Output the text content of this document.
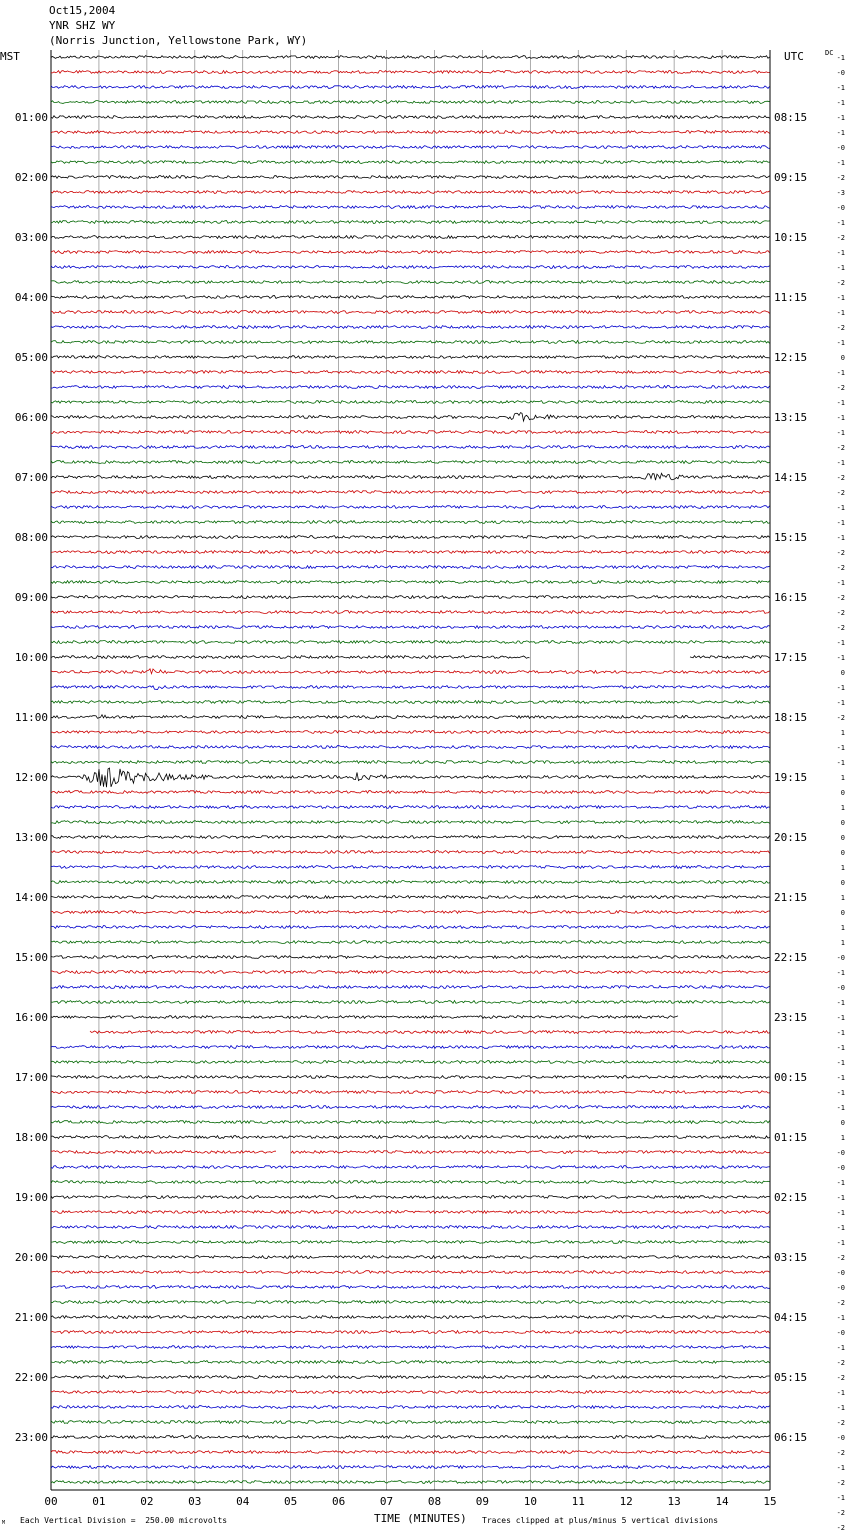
Oct15,2004
YNR SHZ WY
(Norris Junction, Yellowstone Park, WY)
MST	UTC	DC
01:00
02:00
03:00
04:00
05:00
06:00
07:00
08:00
09:00
10:00
11:00
12:00
13:00
14:00
15:00
16:00
17:00
18:00
19:00
20:00
21:00
22:00
23:00
08:15
09:15
10:15
11:15
12:15
13:15
14:15
15:15
16:15
17:15
18:15
19:15
20:15
21:15
22:15
23:15
00:15
01:15
02:15
03:15
04:15
05:15
06:15
-1
-0
-1
-1
-1
-1
-0
-1
-2
-3
-0
-1
-2
-1
-1
-2
-1
-1
-2
-1
0
-1
-2
-1
-1
-1
-2
-1
-2
-2
-1
-1
-1
-2
-2
-1
-2
-2
-2
-1
-1
0
-1
-1
-2
1
-1
-1
1
0
1
0
0
0
1
0
1
0
1
1
-0
-1
-0
-1
-1
-1
-1
-1
-1
-1
-1
0
1
-0
-0
-1
-1
-1
-1
-1
-2
-0
-0
-2
-1
-0
-1
-2
-2
-1
-1
-2
-0
-2
-1
-2
-1
-2
-2
00	01	02	03	04	05	06	07	08	09	10	11	12	13	14	15
TIME (MINUTES)
Each Vertical Division =  250.00 microvolts	Traces clipped at plus/minus 5 vertical divisions
M
